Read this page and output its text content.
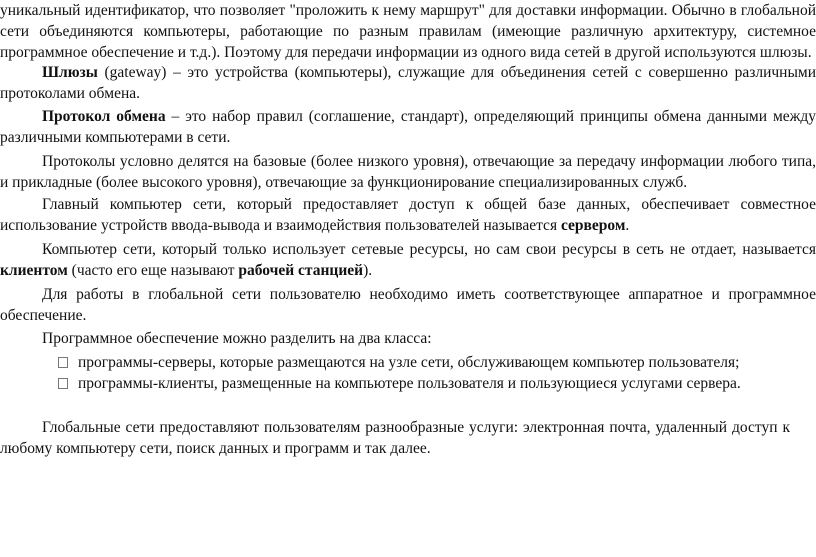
уникальный идентификатор, что позволяет "проложить к нему маршрут" для доставки информации. Обычно в глобальной сети объединяются компьютеры, работающие по разным правилам (имеющие различную архитектуру, системное программное обеспечение и т.д.). Поэтому для передачи информации из одного вида сетей в другой используются шлюзы.

Шлюзы (gateway) – это устройства (компьютеры), служащие для объединения сетей с совершенно различными протоколами обмена.

Протокол обмена – это набор правил (соглашение, стандарт), определяющий принципы обмена данными между различными компьютерами в сети.

Протоколы условно делятся на базовые (более низкого уровня), отвечающие за передачу информации любого типа, и прикладные (более высокого уровня), отвечающие за функционирование специализированных служб.

Главный компьютер сети, который предоставляет доступ к общей базе данных, обеспечивает совместное использование устройств ввода-вывода и взаимодействия пользователей называется сервером.

Компьютер сети, который только использует сетевые ресурсы, но сам свои ресурсы в сеть не отдает, называется клиентом (часто его еще называют рабочей станцией).

Для работы в глобальной сети пользователю необходимо иметь соответствующее аппаратное и программное обеспечение.

Программное обеспечение можно разделить на два класса:

программы-серверы, которые размещаются на узле сети, обслуживающем компьютер пользователя;

программы-клиенты, размещенные на компьютере пользователя и пользующиеся услугами сервера.

Глобальные сети предоставляют пользователям разнообразные услуги: электронная почта, удаленный доступ к любому компьютеру сети, поиск данных и программ и так далее.
